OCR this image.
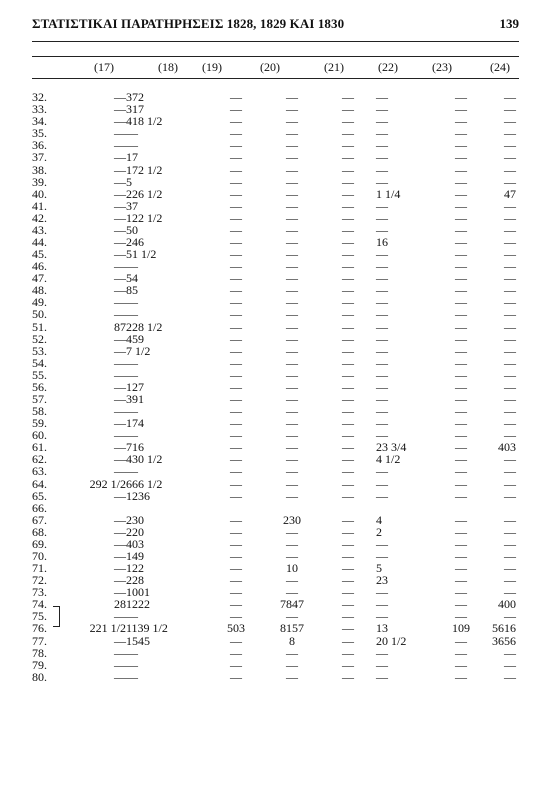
ΣΤΑΤΙΣΤΙΚΑΙ ΠΑΡΑΤΗΡΗΣΕΙΣ 1828, 1829 ΚΑΙ 1830	139
(17)	(18)	(19)	(20)	(21)	(22)	(23)	(24)
32.	—	372	—	—	—	—	—	—
33.	—	317	—	—	—	—	—	—
34.	—	418 1/2	—	—	—	—	—	—
35.	—	—	—	—	—	—	—	—
36.	—	—	—	—	—	—	—	—
37.	—	17	—	—	—	—	—	—
38.	—	172 1/2	—	—	—	—	—	—
39.	—	5	—	—	—	—	—	—
40.	—	226 1/2	—	—	—	1 1/4	—	47
41.	—	37	—	—	—	—	—	—
42.	—	122 1/2	—	—	—	—	—	—
43.	—	50	—	—	—	—	—	—
44.	—	246	—	—	—	16	—	—
45.	—	51 1/2	—	—	—	—	—	—
46.	—	—	—	—	—	—	—	—
47.	—	54	—	—	—	—	—	—
48.	—	85	—	—	—	—	—	—
49.	—	—	—	—	—	—	—	—
50.	—	—	—	—	—	—	—	—
51.	87	228 1/2	—	—	—	—	—	—
52.	—	459	—	—	—	—	—	—
53.	—	7 1/2	—	—	—	—	—	—
54.	—	—	—	—	—	—	—	—
55.	—	—	—	—	—	—	—	—
56.	—	127	—	—	—	—	—	—
57.	—	391	—	—	—	—	—	—
58.	—	—	—	—	—	—	—	—
59.	—	174	—	—	—	—	—	—
60.	—	—	—	—	—	—	—	—
61.	—	716	—	—	—	23 3/4	—	403
62.	—	430 1/2	—	—	—	4 1/2	—	—
63.	—	—	—	—	—	—	—	—
64.	292 1/2	666 1/2	—	—	—	—	—	—
65.	—	1236	—	—	—	—	—	—
66.								
67.	—	230	—	230	—	4	—	—
68.	—	220	—	—	—	2	—	—
69.	—	403	—	—	—	—	—	—
70.	—	149	—	—	—	—	—	—
71.	—	122	—	10	—	5	—	—
72.	—	228	—	—	—	23	—	—
73.	—	1001	—	—	—	—	—	—
74.	28	1222	—	7847	—	—	—	400
75.	—	—	—	—	—	—	—	—
76.	221 1/2	1139 1/2	503	8157	—	13	109	5616
77.	—	1545	—	8	—	20 1/2	—	3656
78.	—	—	—	—	—	—	—	—
79.	—	—	—	—	—	—	—	—
80.	—	—	—	—	—	—	—	—
